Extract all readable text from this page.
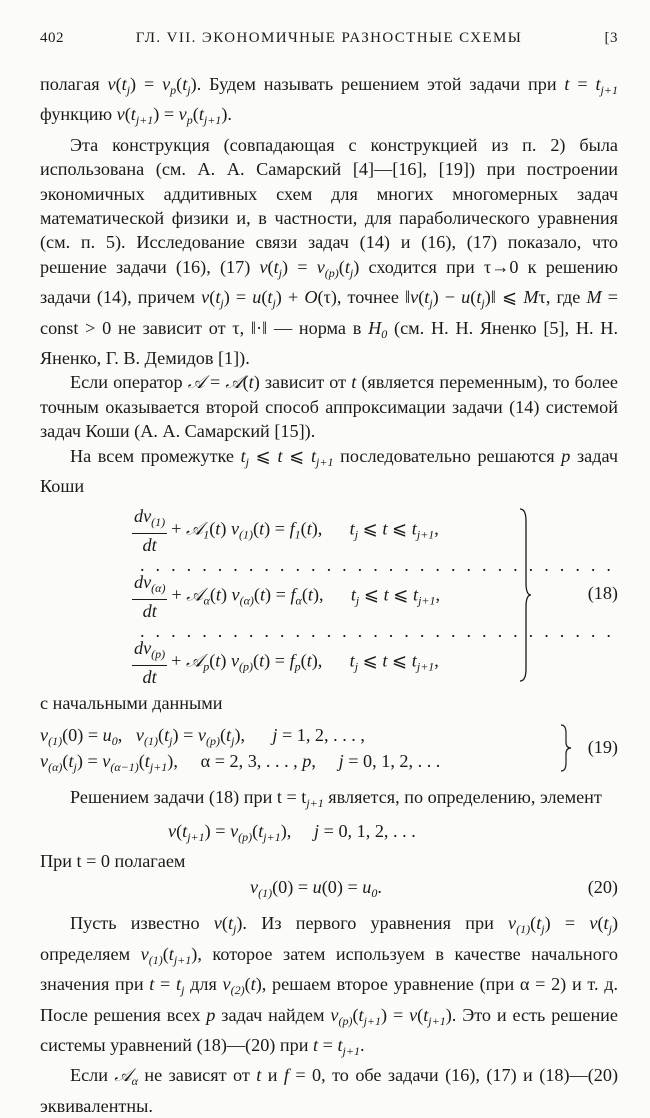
402	ГЛ. VII. ЭКОНОМИЧНЫЕ РАЗНОСТНЫЕ СХЕМЫ	[3

полагая $v(t_j) = v_p(t_j)$. Будем называть решением этой задачи при $t = t_{j+1}$ функцию $v(t_{j+1}) = v_p(t_{j+1})$.

Эта конструкция (совпадающая с конструкцией из п. 2) была использована (см. А. А. Самарский [4]—[16], [19]) при построении экономичных аддитивных схем для многих многомерных задач математической физики и, в частности, для параболического уравнения (см. п. 5). Исследование связи задач (14) и (16), (17) показало, что решение задачи (16), (17) $v(t_j) = v_{(p)}(t_j)$ сходится при τ→0 к решению задачи (14), причем $v(t_j) = u(t_j) + O(\tau)$, точнее $‖v(t_j)$ − $u(t_j)‖$ ⩽ Mτ, где M = const > 0 не зависит от τ, ‖·‖ — норма в $H_0$ (см. Н. Н. Яненко [5], Н. Н. Яненко, Г. В. Демидов [1]).

Если оператор 𝒜 = 𝒜(t) зависит от t (является переменным), то более точным оказывается второй способ аппроксимации задачи (14) системой задач Коши (А. А. Самарский [15]).

На всем промежутке $t_j$ ⩽ t ⩽ $t_{j+1}$ последовательно решаются p задач Коши

$\frac{dv_{(1)}}{dt}$ + 𝒜$_1$(t) $v_{(1)}(t) = f_1(t)$,      $t_j$ ⩽ t ⩽ $t_{j+1}$,
...............................
$\frac{dv_{(\alpha)}}{dt}$ + 𝒜$_\alpha$(t) $v_{(\alpha)}(t) = f_\alpha(t)$,      $t_j$ ⩽ t ⩽ $t_{j+1}$,
...............................
$\frac{dv_{(p)}}{dt}$ + 𝒜$_p$(t) $v_{(p)}(t) = f_p(t)$,      $t_j$ ⩽ t ⩽ $t_{j+1}$,
(18)

с начальными данными

$v_{(1)}(0) = u_0$,   $v_{(1)}(t_j) = v_{(p)}(t_j)$,      j = 1, 2, . . . ,
$v_{(\alpha)}(t_j) = v_{(\alpha-1)}(t_{j+1})$,     α = 2, 3, . . . , p,     j = 0, 1, 2, . . .
(19)

Решением задачи (18) при $t = t_{j+1}$ является, по определению, элемент

$v(t_{j+1}) = v_{(p)}(t_{j+1})$,     j = 0, 1, 2, . . .
При t = 0 полагаем
$v_{(1)}(0) = u(0) = u_0$.	(20)

Пусть известно $v(t_j)$. Из первого уравнения при $v_{(1)}(t_j) = v(t_j)$ определяем $v_{(1)}(t_{j+1})$, которое затем используем в качестве начального значения при $t = t_j$ для $v_{(2)}(t)$, решаем второе уравнение (при α = 2) и т. д. После решения всех p задач найдем $v_{(p)}(t_{j+1}) = v(t_{j+1})$. Это и есть решение системы уравнений (18)—(20) при $t = t_{j+1}$.

Если 𝒜$_\alpha$ не зависят от t и f = 0, то обе задачи (16), (17) и (18)—(20) эквивалентны.
